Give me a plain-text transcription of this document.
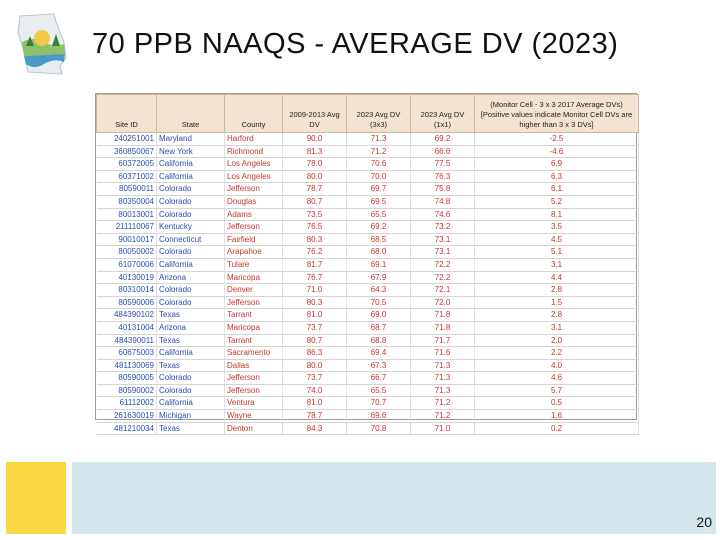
70 PPB NAAQS - AVERAGE DV (2023)
Site ID	State	County	2009-2013 Avg DV	2023 Avg DV (3x3)	2023 Avg DV (1x1)	(Monitor Cell - 3 x 3 2017 Average DVs) [Positive values indicate Monitor Cell DVs are higher than 3 x 3 DVs]
240251001	Maryland	Harford	90.0	71.3	69.2	-2.5
360850067	New York	Richmond	81.3	71.2	66.6	-4.6
60372005	California	Los Angeles	78.0	70.6	77.5	6.9
60371002	California	Los Angeles	80.0	70.0	76.3	6.3
80590011	Colorado	Jefferson	78.7	69.7	75.8	6.1
80350004	Colorado	Douglas	80.7	69.5	74.8	5.2
80013001	Colorado	Adams	73.5	65.5	74.6	8.1
211110067	Kentucky	Jefferson	76.5	69.2	73.2	3.5
90010017	Connecticut	Fairfield	80.3	68.5	73.1	4.5
80050002	Colorado	Arapahoe	76.2	68.0	73.1	5.1
61070006	California	Tulare	81.7	69.1	72.2	3.1
40130019	Arizona	Maricopa	76.7	67.9	72.2	4.4
80310014	Colorado	Denver	71.0	64.3	72.1	2.8
80590006	Colorado	Jefferson	80.3	70.5	72.0	1.5
484390102	Texas	Tarrant	81.0	69.0	71.8	2.8
40131004	Arizona	Maricopa	73.7	68.7	71.8	3.1
484390011	Texas	Tarrant	80.7	68.8	71.7	2.0
60675003	California	Sacramento	86.3	69.4	71.6	2.2
481130069	Texas	Dallas	80.0	67.3	71.3	4.0
80590005	Colorado	Jefferson	73.7	66.7	71.3	4.6
80590002	Colorado	Jefferson	74.0	65.5	71.3	5.7
61112002	California	Ventura	81.0	70.7	71.2	0.5
261630019	Michigan	Wayne	78.7	69.6	71.2	1.6
481210034	Texas	Denton	84.3	70.8	71.0	0.2
20
